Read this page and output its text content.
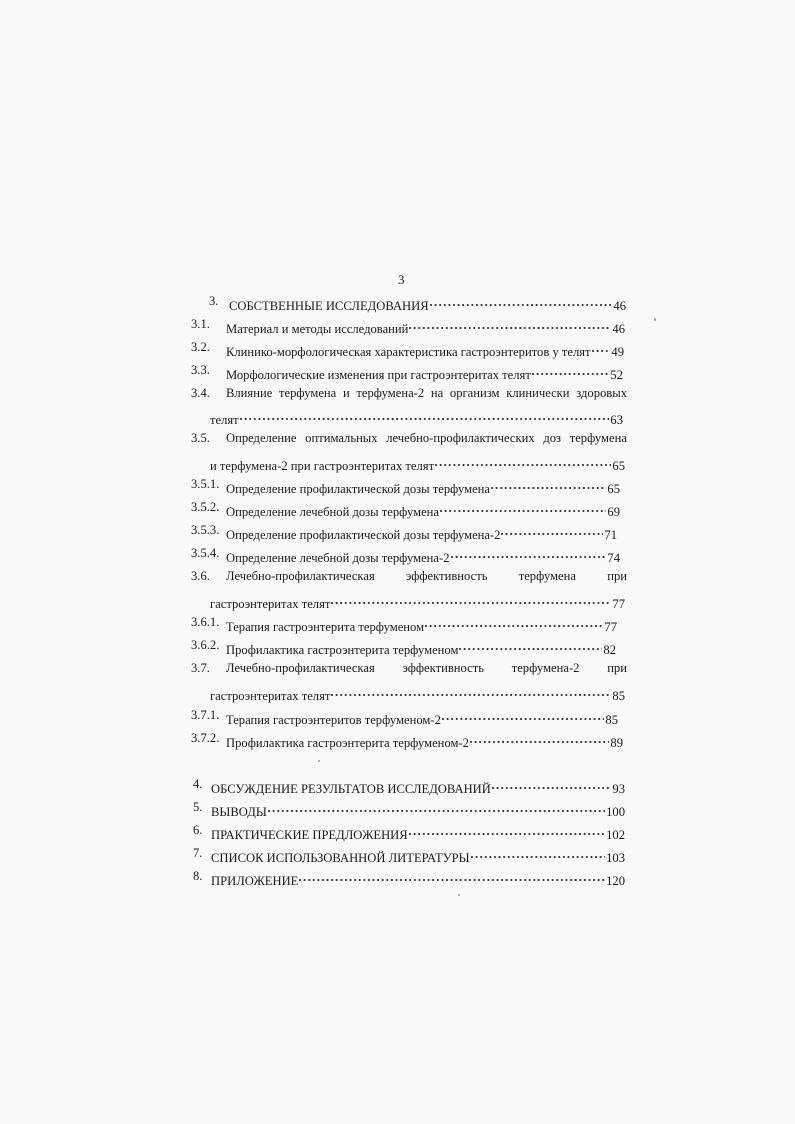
3
3. СОБСТВЕННЫЕ ИССЛЕДОВАНИЯ	46
3.1. Материал и методы исследований	46
3.2. Клинико-морфологическая характеристика гастроэнтеритов у телят 49
3.3. Морфологические изменения при гастроэнтеритах телят	52
3.4. Влияние терфумена и терфумена-2 на организм клинически здоровых
телят	63
3.5. Определение оптимальных лечебно-профилактических доз терфумена
и терфумена-2 при гастроэнтеритах телят	65
3.5.1. Определение профилактической дозы терфумена	65
3.5.2. Определение лечебной дозы терфумена	69
3.5.3. Определение профилактической дозы терфумена-2	71
3.5.4. Определение лечебной дозы терфумена-2	74
3.6. Лечебно-профилактическая эффективность терфумена при
гастроэнтеритах телят	77
3.6.1. Терапия гастроэнтерита терфуменом	77
3.6.2. Профилактика гастроэнтерита терфуменом	82
3.7. Лечебно-профилактическая эффективность терфумена-2 при
гастроэнтеритах телят	85
3.7.1. Терапия гастроэнтеритов терфуменом-2	85
3.7.2. Профилактика гастроэнтерита терфуменом-2	89
4. ОБСУЖДЕНИЕ РЕЗУЛЬТАТОВ ИССЛЕДОВАНИЙ	93
5. ВЫВОДЫ	100
6. ПРАКТИЧЕСКИЕ ПРЕДЛОЖЕНИЯ	102
7. СПИСОК ИСПОЛЬЗОВАННОЙ ЛИТЕРАТУРЫ	103
8. ПРИЛОЖЕНИЕ	120
